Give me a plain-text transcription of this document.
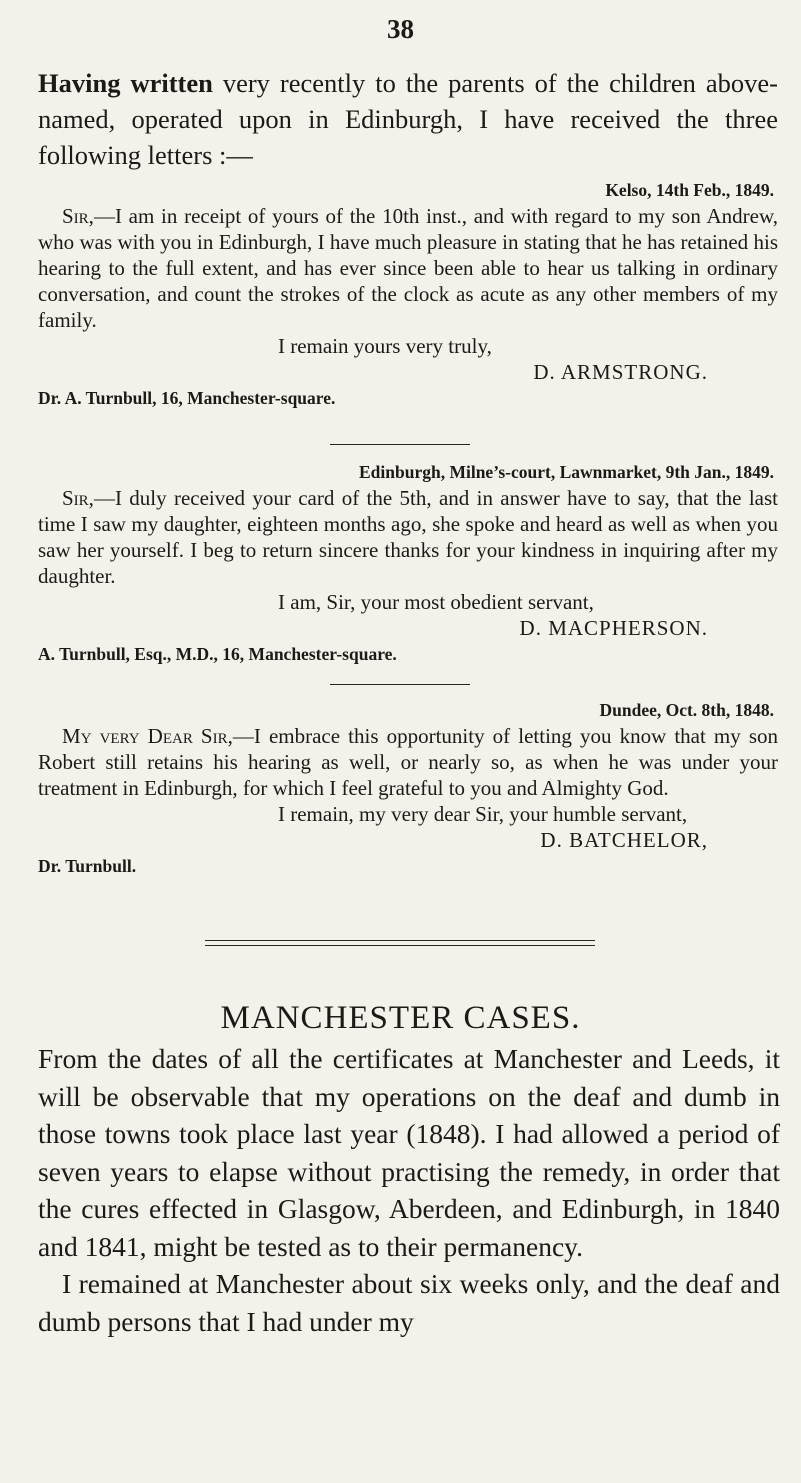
38
Having written very recently to the parents of the children above-named, operated upon in Edinburgh, I have received the three following letters :—
Kelso, 14th Feb., 1849.
Sir,—I am in receipt of yours of the 10th inst., and with regard to my son Andrew, who was with you in Edinburgh, I have much pleasure in stating that he has retained his hearing to the full extent, and has ever since been able to hear us talking in ordinary conversation, and count the strokes of the clock as acute as any other members of my family.
I remain yours very truly,
D. ARMSTRONG.
Dr. A. Turnbull, 16, Manchester-square.
Edinburgh, Milne’s-court, Lawnmarket, 9th Jan., 1849.
Sir,—I duly received your card of the 5th, and in answer have to say, that the last time I saw my daughter, eighteen months ago, she spoke and heard as well as when you saw her yourself. I beg to return sincere thanks for your kindness in inquiring after my daughter.
I am, Sir, your most obedient servant,
D. MACPHERSON.
A. Turnbull, Esq., M.D., 16, Manchester-square.
Dundee, Oct. 8th, 1848.
My very Dear Sir,—I embrace this opportunity of letting you know that my son Robert still retains his hearing as well, or nearly so, as when he was under your treatment in Edinburgh, for which I feel grateful to you and Almighty God.
I remain, my very dear Sir, your humble servant,
D. BATCHELOR,
Dr. Turnbull.
MANCHESTER CASES.

From the dates of all the certificates at Manchester and Leeds, it will be observable that my operations on the deaf and dumb in those towns took place last year (1848). I had allowed a period of seven years to elapse without practising the remedy, in order that the cures effected in Glasgow, Aberdeen, and Edinburgh, in 1840 and 1841, might be tested as to their permanency.

I remained at Manchester about six weeks only, and the deaf and dumb persons that I had under my
